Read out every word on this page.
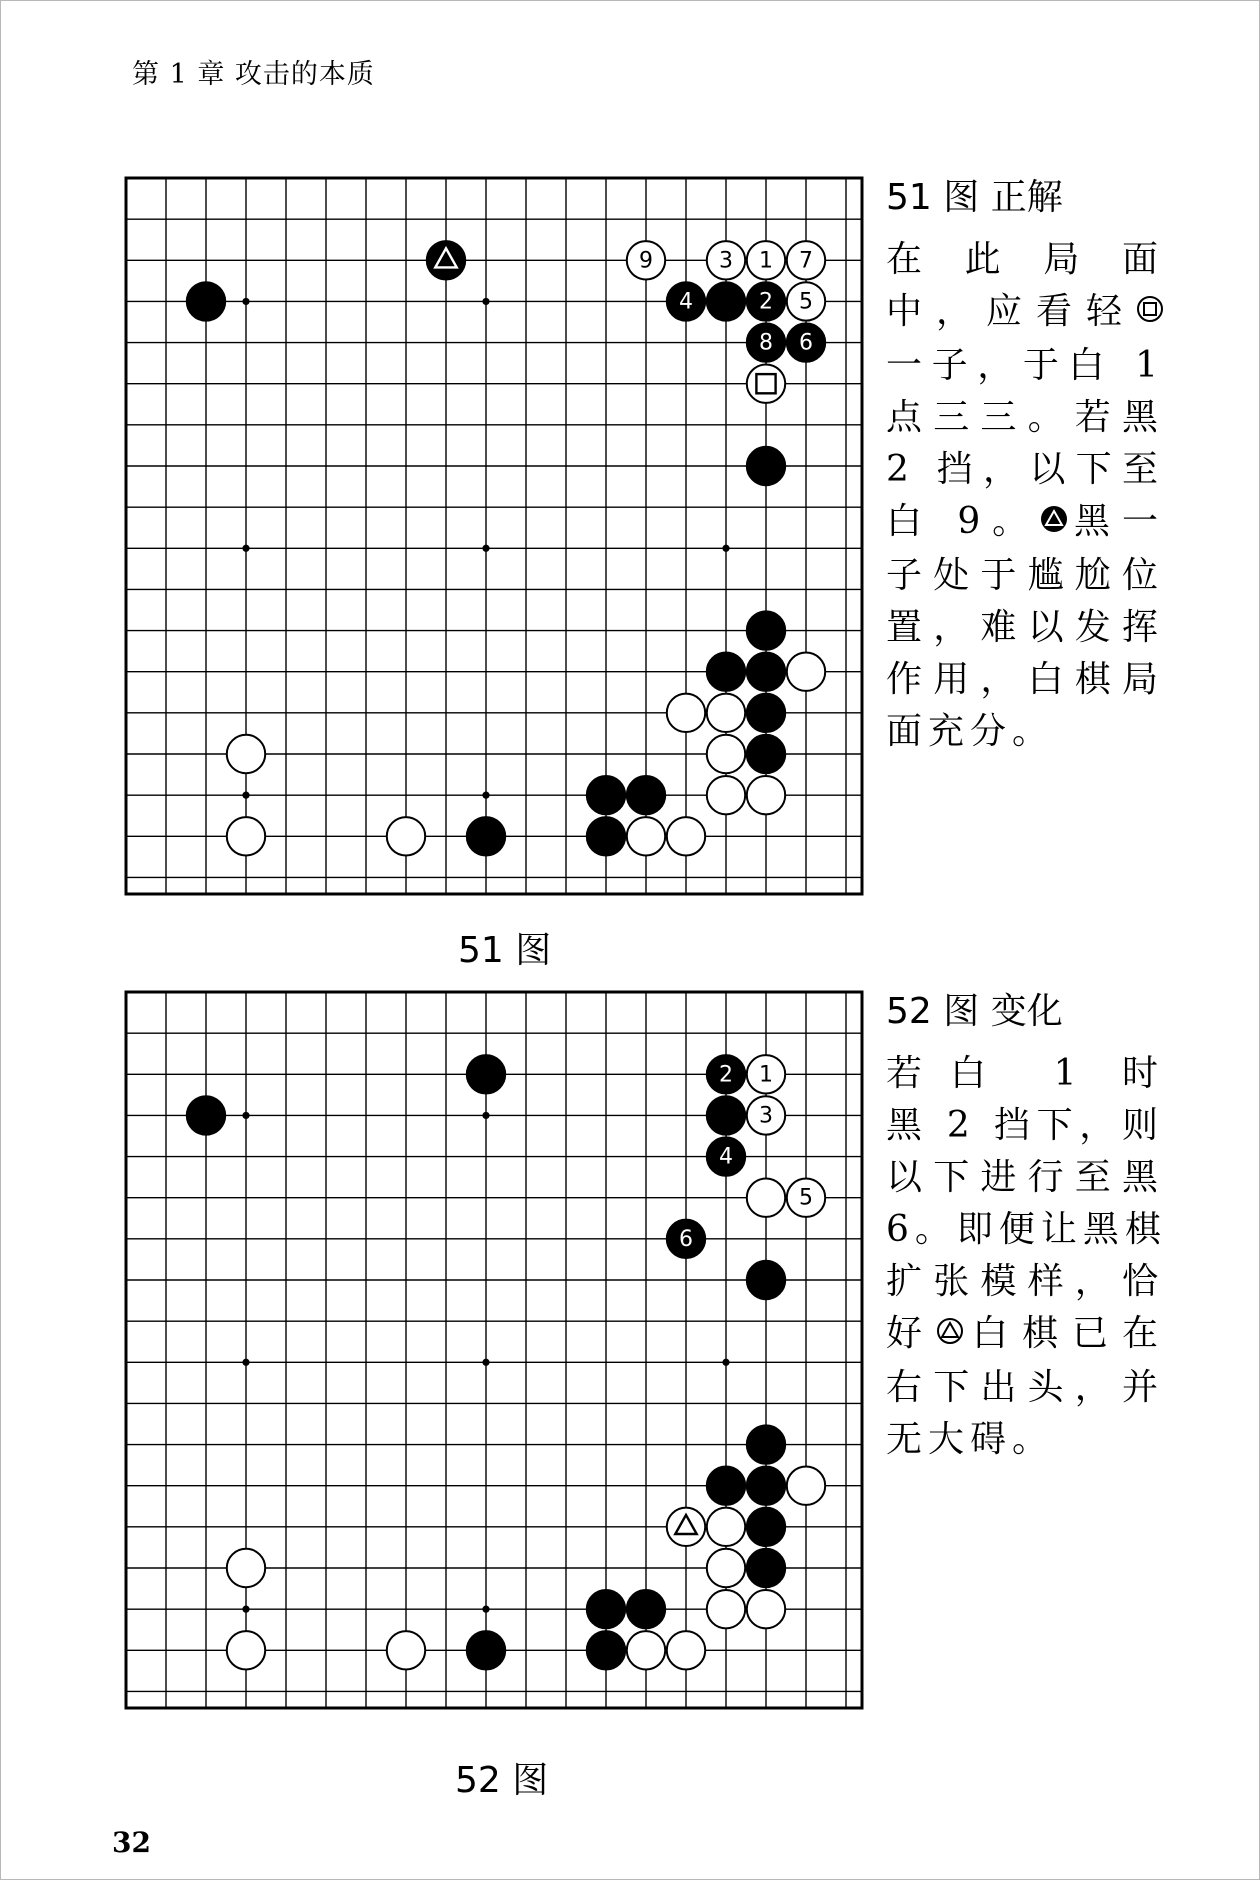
第 1 章 攻击的本质
9	3 1 7
4	2 5
8 6
51 图
51 图 正解
在此局面
中，应看轻
一子，于白 1
点三三。若黑
2 挡，以下至
白 9。 黑一
子处于尴尬位
置，难以发挥
作用，白棋局
面充分。
2 1
3
4
5
6
52 图
52 图 变化
若白 1 时
黑 2 挡下，则
以下进行至黑
6。即便让黑棋
扩张模样，恰
好 白棋已在
右下出头，并
无大碍。
32
